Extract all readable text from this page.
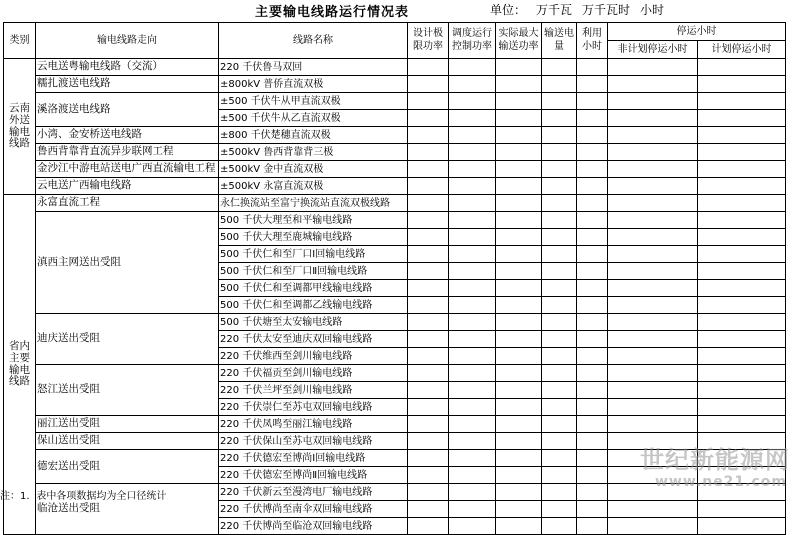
主要输电线路运行情况表	单位： 万千瓦 万千瓦时 小时
类别	输电线路走向	线路名称	设计极限功率	调度运行控制功率	实际最大输送功率	输送电量	利用小时	停运小时	
								非计划停运小时	计划停运小时
云南外送输电线路	云电送粤输电线路（交流）	220 千伏鲁马双回							
	糯扎渡送电线路	±800kV 普侨直流双极							
	溪洛渡送电线路	±500 千伏牛从甲直流双极							
		±500 千伏牛从乙直流双极							
	小湾、金安桥送电线路	±800 千伏楚穗直流双极							
	鲁西背靠背直流异步联网工程	±500kV 鲁西背靠背三极							
	金沙江中游电站送电广西直流输电工程	±500kV 金中直流双极							
	云电送广西输电线路	±500kV 永富直流双极							
省内主要输电线路	永富直流工程	永仁换流站至富宁换流站直流双极线路							
	滇西主网送出受阻	500 千伏大理至和平输电线路							
		500 千伏大理至鹿城输电线路							
		500 千伏仁和至厂口Ⅰ回输电线路							
		500 千伏仁和至厂口Ⅱ回输电线路							
		500 千伏仁和至调都甲线输电线路							
		500 千伏仁和至调都乙线输电线路							
	迪庆送出受阻	500 千伏塘至太安输电线路							
		220 千伏太安至迪庆双回输电线路							
		220 千伏维西至剑川输电线路							
	怒江送出受阻	220 千伏福贡至剑川输电线路							
		220 千伏兰坪至剑川输电线路							
		220 千伏崇仁至苏屯双回输电线路							
	丽江送出受阻	220 千伏凤鸣至丽江输电线路							
	保山送出受阻	220 千伏保山至苏屯双回输电线路							
	德宏送出受阻	220 千伏德宏至博尚Ⅰ回输电线路							
		220 千伏德宏至博尚Ⅱ回输电线路							
	临沧送出受阻	220 千伏新云至漫湾电厂输电线路							
		220 千伏博尚至南伞双回输电线路							
		220 千伏博尚至临沧双回输电线路							
世纪新能源网
www.ne21.com
注：1．表中各项数据均为全口径统计
